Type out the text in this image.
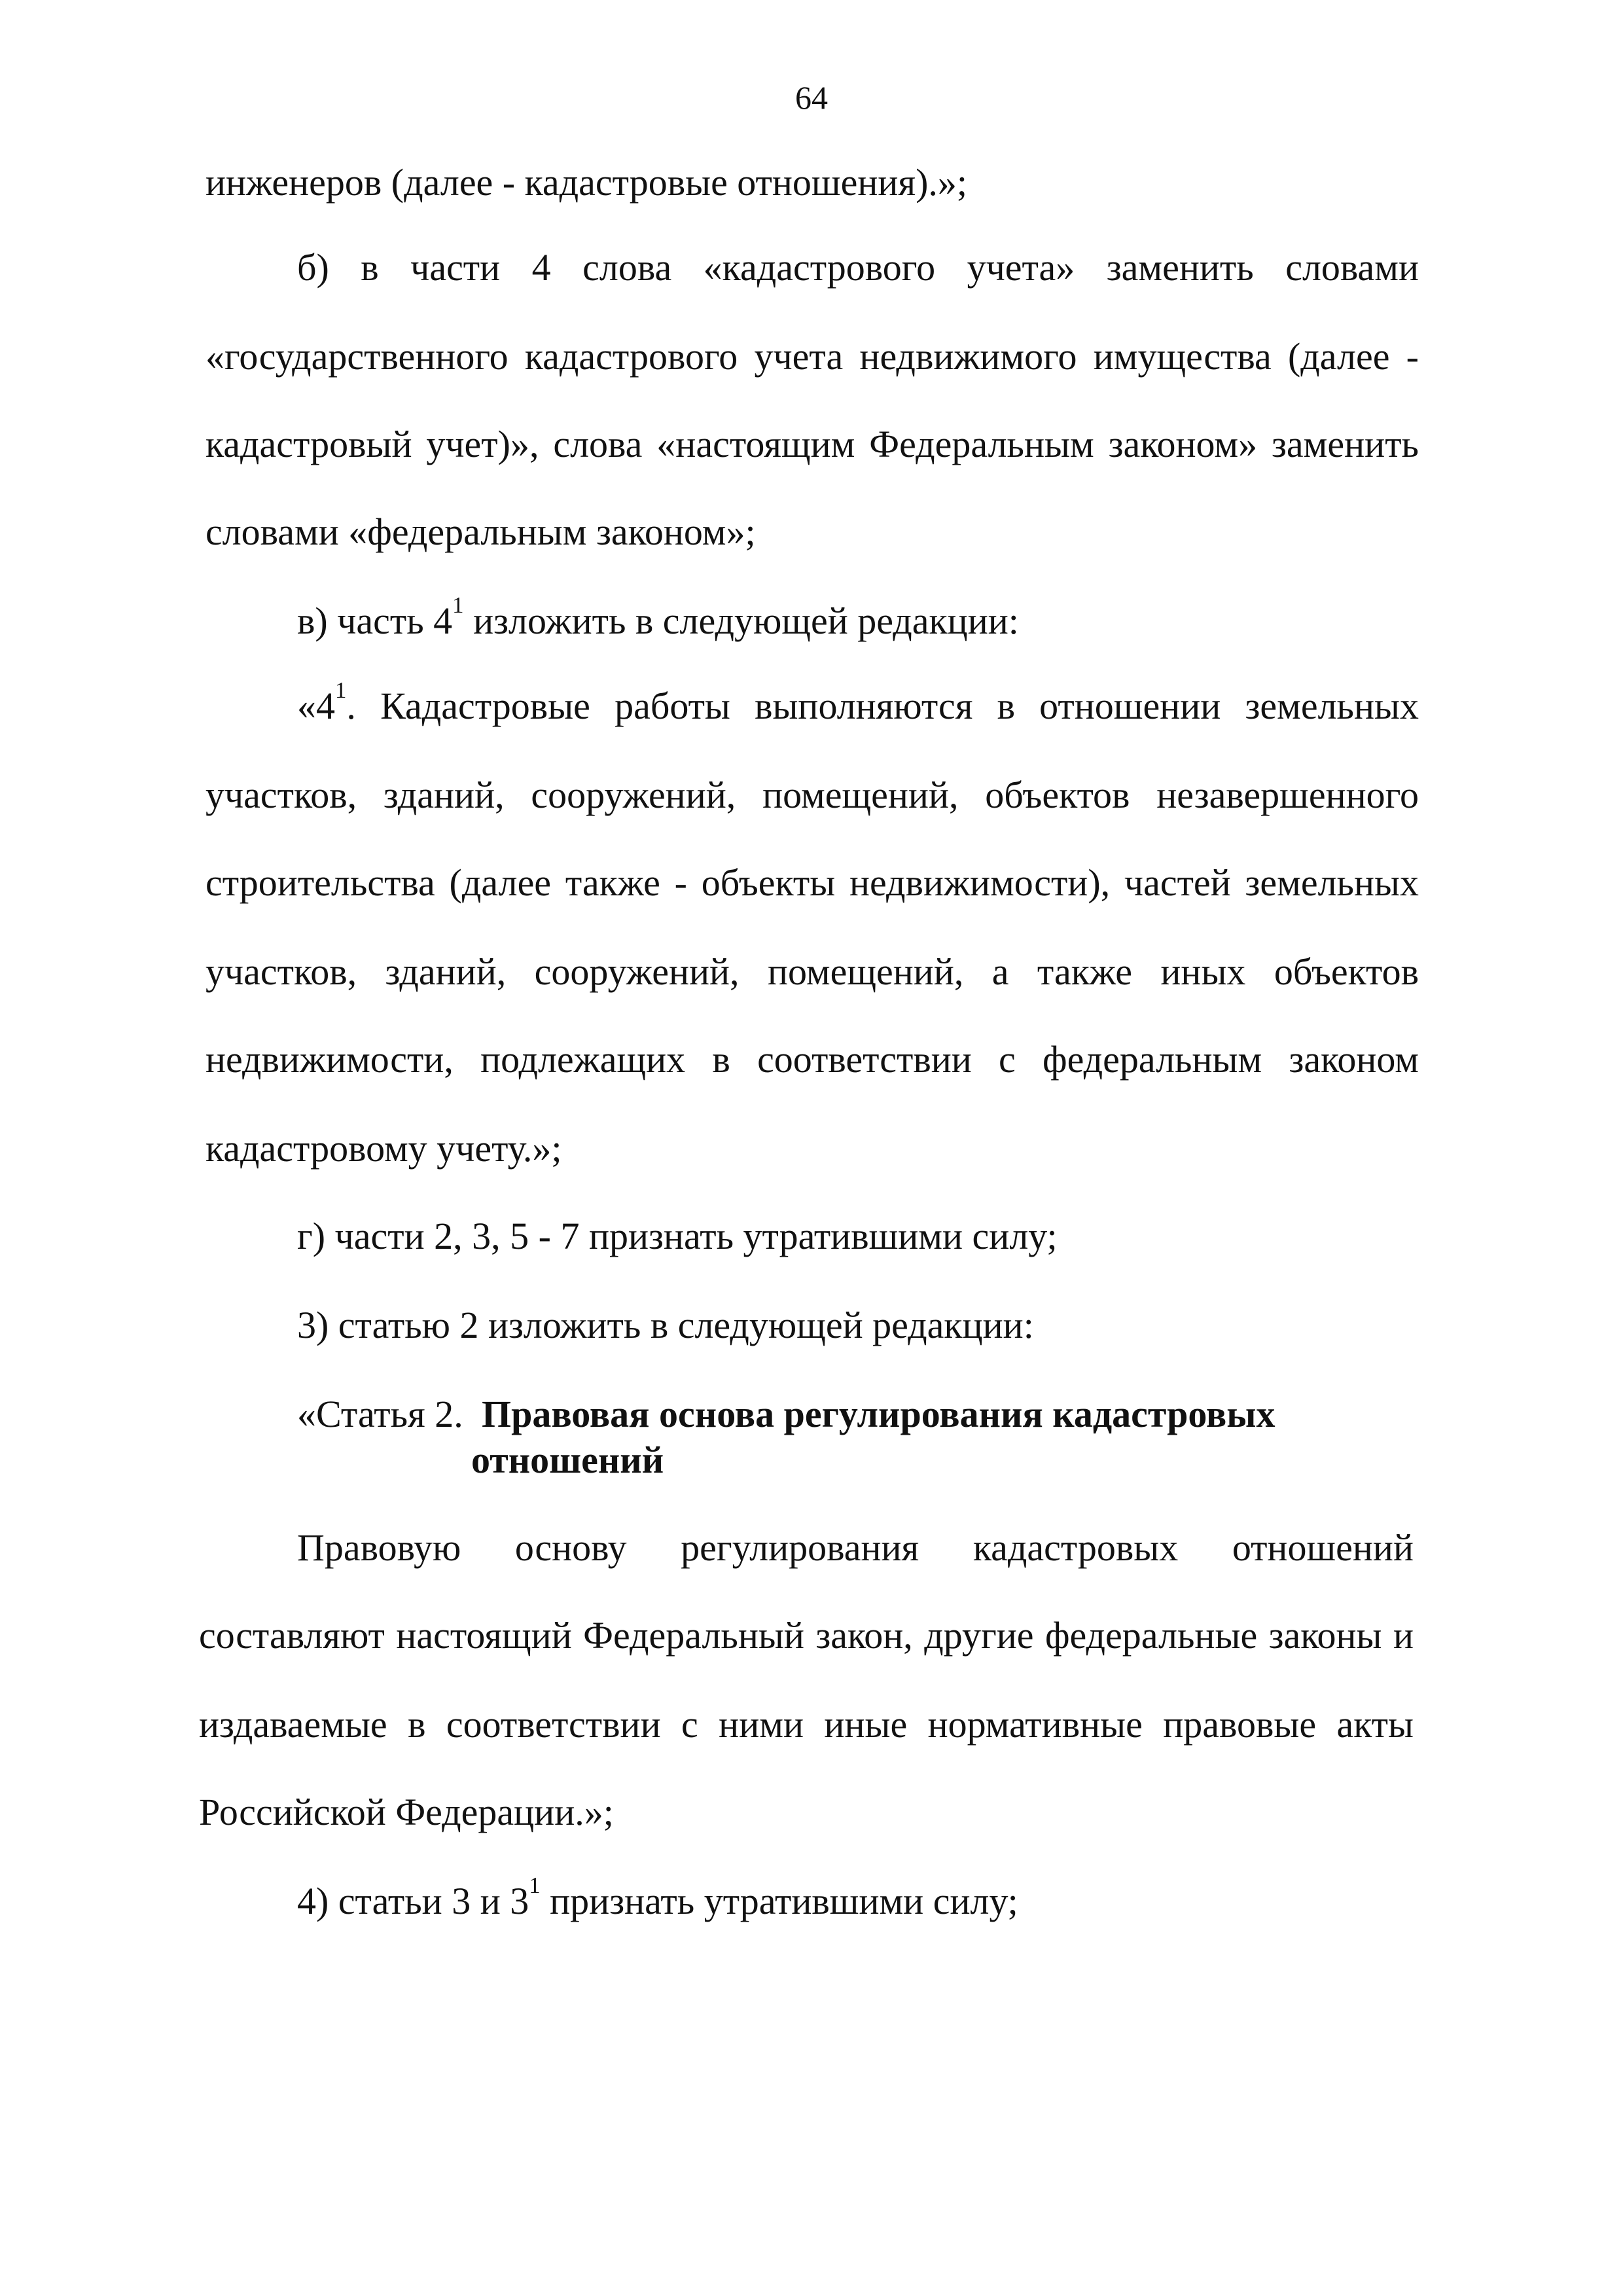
64
инженеров (далее - кадастровые отношения).»;
б) в части 4 слова «кадастрового учета» заменить словами
«государственного кадастрового учета недвижимого имущества (далее -
кадастровый учет)», слова «настоящим Федеральным законом» заменить
словами «федеральным законом»;
в) часть $4^1$ изложить в следующей редакции:
«$4^1$. Кадастровые работы выполняются в отношении земельных
участков, зданий, сооружений, помещений, объектов незавершенного
строительства (далее также - объекты недвижимости), частей земельных
участков, зданий, сооружений, помещений, а также иных объектов
недвижимости, подлежащих в соответствии с федеральным законом
кадастровому учету.»;
г) части 2, 3, 5 - 7 признать утратившими силу;
3) статью 2 изложить в следующей редакции:
«Статья 2. Правовая основа регулирования кадастровых
отношений
Правовую основу регулирования кадастровых отношений
составляют настоящий Федеральный закон, другие федеральные законы и
издаваемые в соответствии с ними иные нормативные правовые акты
Российской Федерации.»;
4) статьи 3 и $3^1$ признать утратившими силу;
